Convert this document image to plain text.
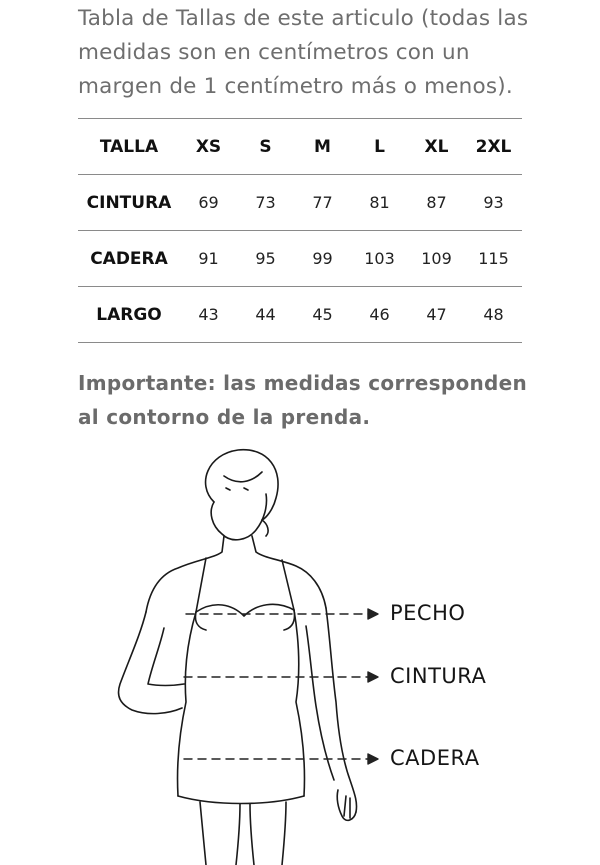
Tabla de Tallas de este articulo (todas las medidas son en centímetros con un margen de 1 centímetro más o menos).

TALLA	XS	S	M	L	XL	2XL
CINTURA	69	73	77	81	87	93
CADERA	91	95	99	103	109	115
LARGO	43	44	45	46	47	48

Importante: las medidas corresponden al contorno de la prenda.

PECHO
CINTURA
CADERA
